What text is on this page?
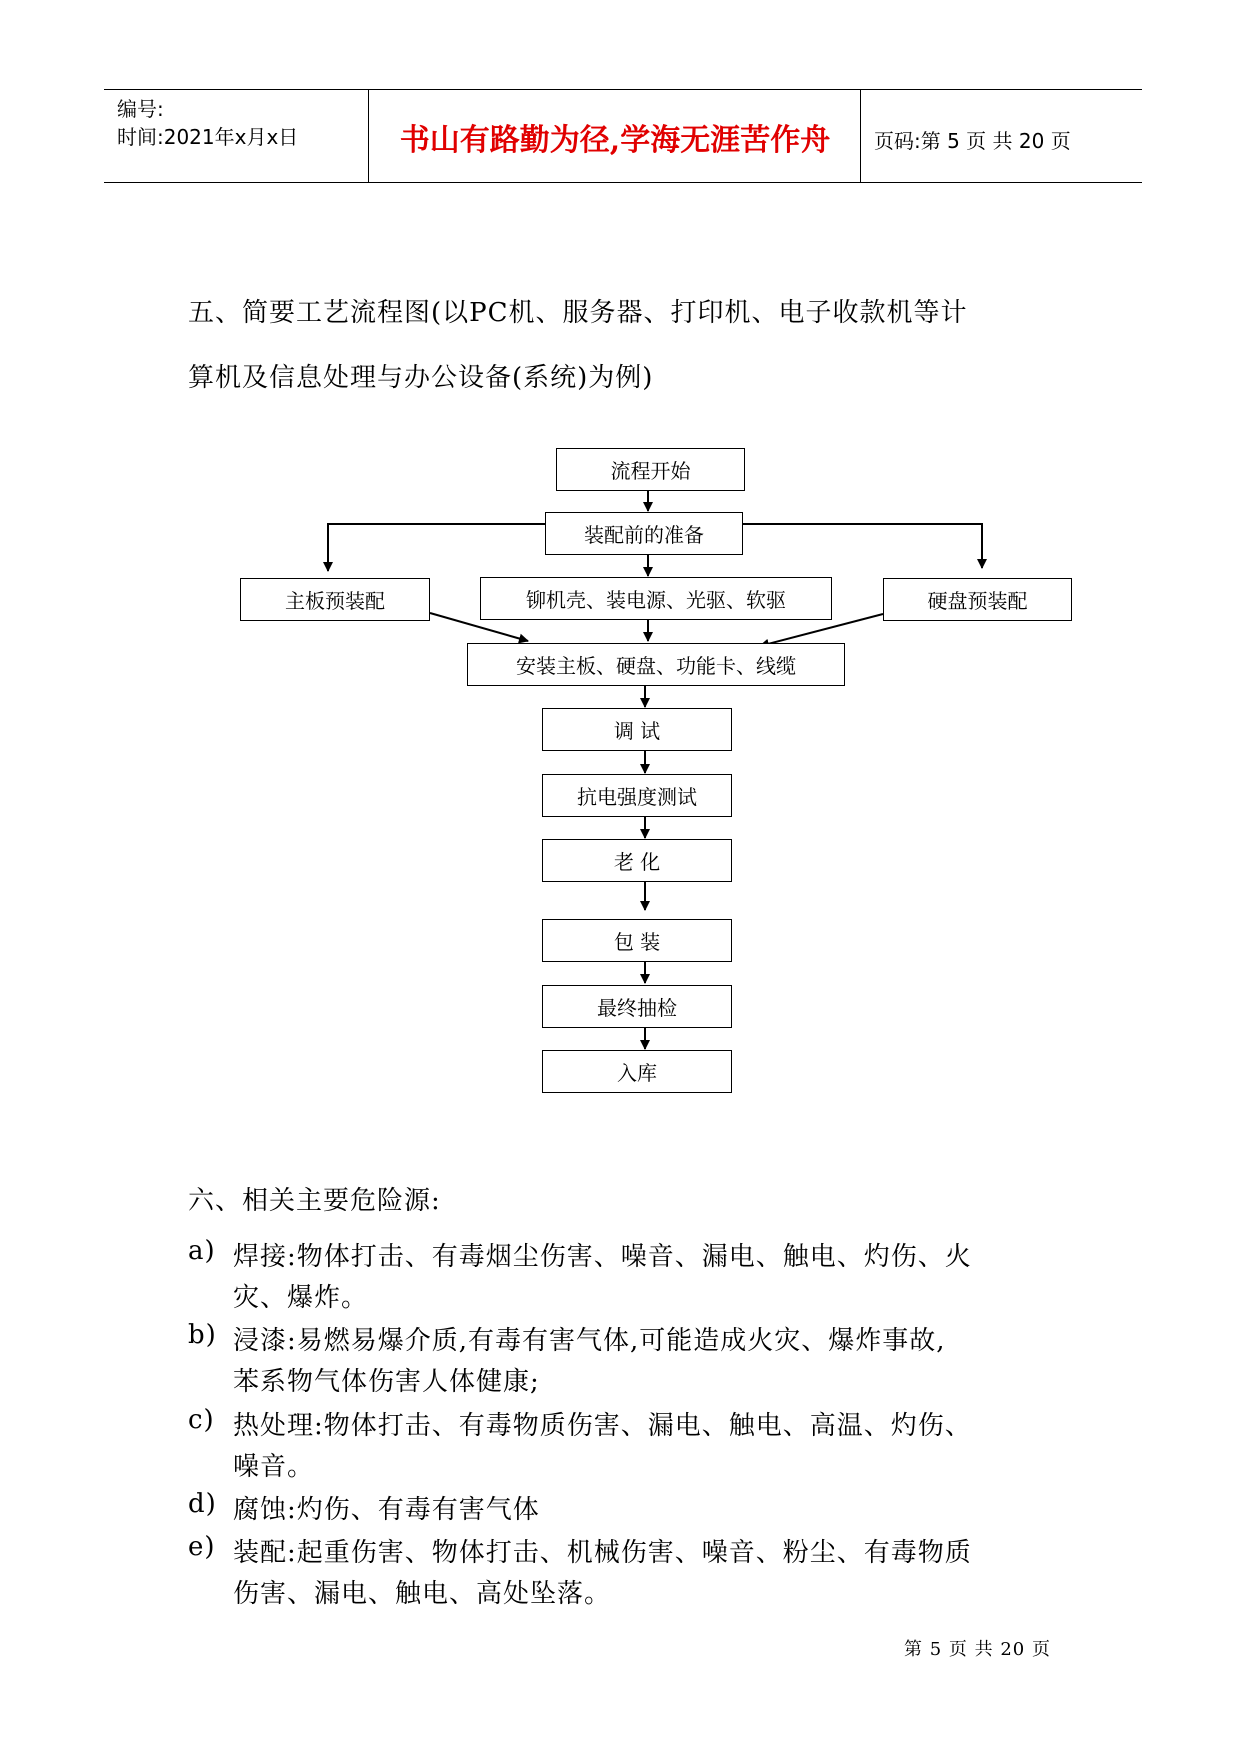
编号:
时间:2021年x月x日	书山有路勤为径,学海无涯苦作舟	页码:第 5 页 共 20 页
五、简要工艺流程图(以PC机、服务器、打印机、电子收款机等计
算机及信息处理与办公设备(系统)为例)
流程开始
装配前的准备
主板预装配	铆机壳、装电源、光驱、软驱	硬盘预装配
安装主板、硬盘、功能卡、线缆
调 试
抗电强度测试
老 化
包 装
最终抽检
入库
六、相关主要危险源:
a) 焊接:物体打击、有毒烟尘伤害、噪音、漏电、触电、灼伤、火
灾、爆炸。
b) 浸漆:易燃易爆介质,有毒有害气体,可能造成火灾、爆炸事故,
苯系物气体伤害人体健康;
c) 热处理:物体打击、有毒物质伤害、漏电、触电、高温、灼伤、
噪音。
d) 腐蚀:灼伤、有毒有害气体
e) 装配:起重伤害、物体打击、机械伤害、噪音、粉尘、有毒物质
伤害、漏电、触电、高处坠落。
第 5 页 共 20 页
